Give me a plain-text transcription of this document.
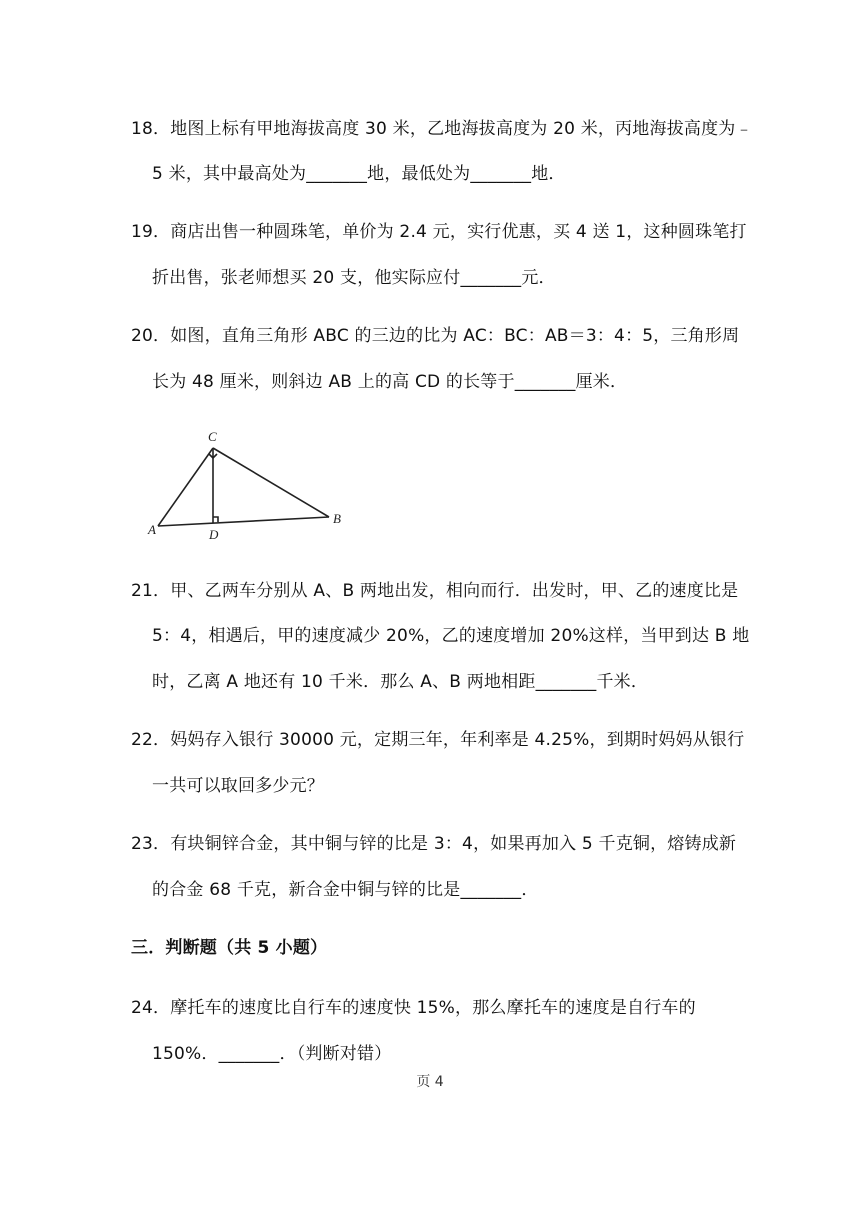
18．地图上标有甲地海拔高度 30 米，乙地海拔高度为 20 米，丙地海拔高度为﹣
5 米，其中最高处为_______地，最低处为_______地．
19．商店出售一种圆珠笔，单价为 2.4 元，实行优惠，买 4 送 1，这种圆珠笔打
折出售，张老师想买 20 支，他实际应付_______元．
20．如图，直角三角形 ABC 的三边的比为 AC：BC：AB＝3：4：5，三角形周
长为 48 厘米，则斜边 AB 上的高 CD 的长等于_______厘米．
C
A
B
D
21．甲、乙两车分别从 A、B 两地出发，相向而行．出发时，甲、乙的速度比是
5：4，相遇后，甲的速度减少 20%，乙的速度增加 20%这样，当甲到达 B 地
时，乙离 A 地还有 10 千米．那么 A、B 两地相距_______千米．
22．妈妈存入银行 30000 元，定期三年，年利率是 4.25%，到期时妈妈从银行
一共可以取回多少元？
23．有块铜锌合金，其中铜与锌的比是 3：4，如果再加入 5 千克铜，熔铸成新
的合金 68 千克，新合金中铜与锌的比是_______．
三．判断题（共 5 小题）
24．摩托车的速度比自行车的速度快 15%，那么摩托车的速度是自行车的
150%．_______．（判断对错）
页 4
